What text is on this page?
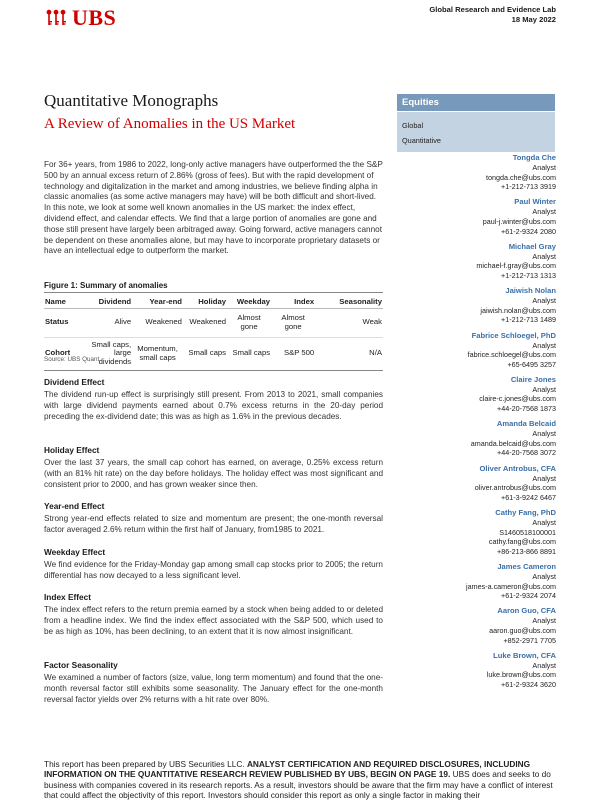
UBS	Global Research and Evidence Lab
18 May 2022
Quantitative Monographs
A Review of Anomalies in the US Market
For 36+ years, from 1986 to 2022, long-only active managers have outperformed the the S&P 500 by an annual excess return of 2.86% (gross of fees). But with the rapid development of technology and digitalization in the market and among industries, we believe finding alpha in classic anomalies (as some active managers may have) will be both difficult and short-lived. In this note, we look at some well known anomalies in the US market: the index effect, dividend effect, and calendar effects. We find that a large portion of anomalies are gone and those still present have largely been arbitraged away. Going forward, active managers cannot be dependent on these anomalies alone, but may have to incorporate proprietary datasets or have an intellectual edge to outperform the market.
Figure 1: Summary of anomalies
Name	Dividend	Year-end	Holiday	Weekday	Index	Seasonality
Status	Alive	Weakened	Weakened	Almost gone	Almost gone	Weak
Cohort	Small caps, large dividends	Momentum, small caps	Small caps	Small caps	S&P 500	N/A
Source: UBS Quant
Dividend Effect

The dividend run-up effect is surprisingly still present. From 2013 to 2021, small companies with large dividend payments earned about 0.7% excess returns in the 20-day period preceding the ex-dividend date; this was as high as 1.6% in the previous decades.

Holiday Effect

Over the last 37 years, the small cap cohort has earned, on average, 0.25% excess return (with an 81% hit rate) on the day before holidays. The holiday effect was most significant and consistent prior to 2000, and has grown weaker since then.

Year-end Effect

Strong year-end effects related to size and momentum are present; the one-month reversal factor averaged 2.6% return within the first half of January, from1985 to 2021.

Weekday Effect

We find evidence for the Friday-Monday gap among small cap stocks prior to 2005; the return differential has now decayed to a less significant level.

Index Effect

The index effect refers to the return premia earned by a stock when being added to or deleted from a headline index. We find the index effect associated with the S&P 500, which used to be as high as 10%, has been declining, to an extent that it is now almost insignificant.

Factor Seasonality

We examined a number of factors (size, value, long term momentum) and found that the one-month reversal factor still exhibits some seasonality. The January effect for the one-month reversal factor yields over 2% returns with a hit rate over 80%.

Equities
Global
Quantitative
Tongda Che
Analyst
tongda.che@ubs.com
+1-212-713 3919
Paul Winter
Analyst
paul-j.winter@ubs.com
+61-2-9324 2080
Michael Gray
Analyst
michael-f.gray@ubs.com
+1-212-713 1313
Jaiwish Nolan
Analyst
jaiwish.nolan@ubs.com
+1-212-713 1489
Fabrice Schloegel, PhD
Analyst
fabrice.schloegel@ubs.com
+65-6495 3257
Claire Jones
Analyst
claire-c.jones@ubs.com
+44-20-7568 1873
Amanda Belcaid
Analyst
amanda.belcaid@ubs.com
+44-20-7568 3072
Oliver Antrobus, CFA
Analyst
oliver.antrobus@ubs.com
+61-3-9242 6467
Cathy Fang, PhD
Analyst
S1460518100001
cathy.fang@ubs.com
+86-213-866 8891
James Cameron
Analyst
james-a.cameron@ubs.com
+61-2-9324 2074
Aaron Guo, CFA
Analyst
aaron.guo@ubs.com
+852-2971 7705
Luke Brown, CFA
Analyst
luke.brown@ubs.com
+61-2-9324 3620
This report has been prepared by UBS Securities LLC. ANALYST CERTIFICATION AND REQUIRED DISCLOSURES, INCLUDING INFORMATION ON THE QUANTITATIVE RESEARCH REVIEW PUBLISHED BY UBS, BEGIN ON PAGE 19. UBS does and seeks to do business with companies covered in its research reports. As a result, investors should be aware that the firm may have a conflict of interest that could affect the objectivity of this report. Investors should consider this report as only a single factor in making their
